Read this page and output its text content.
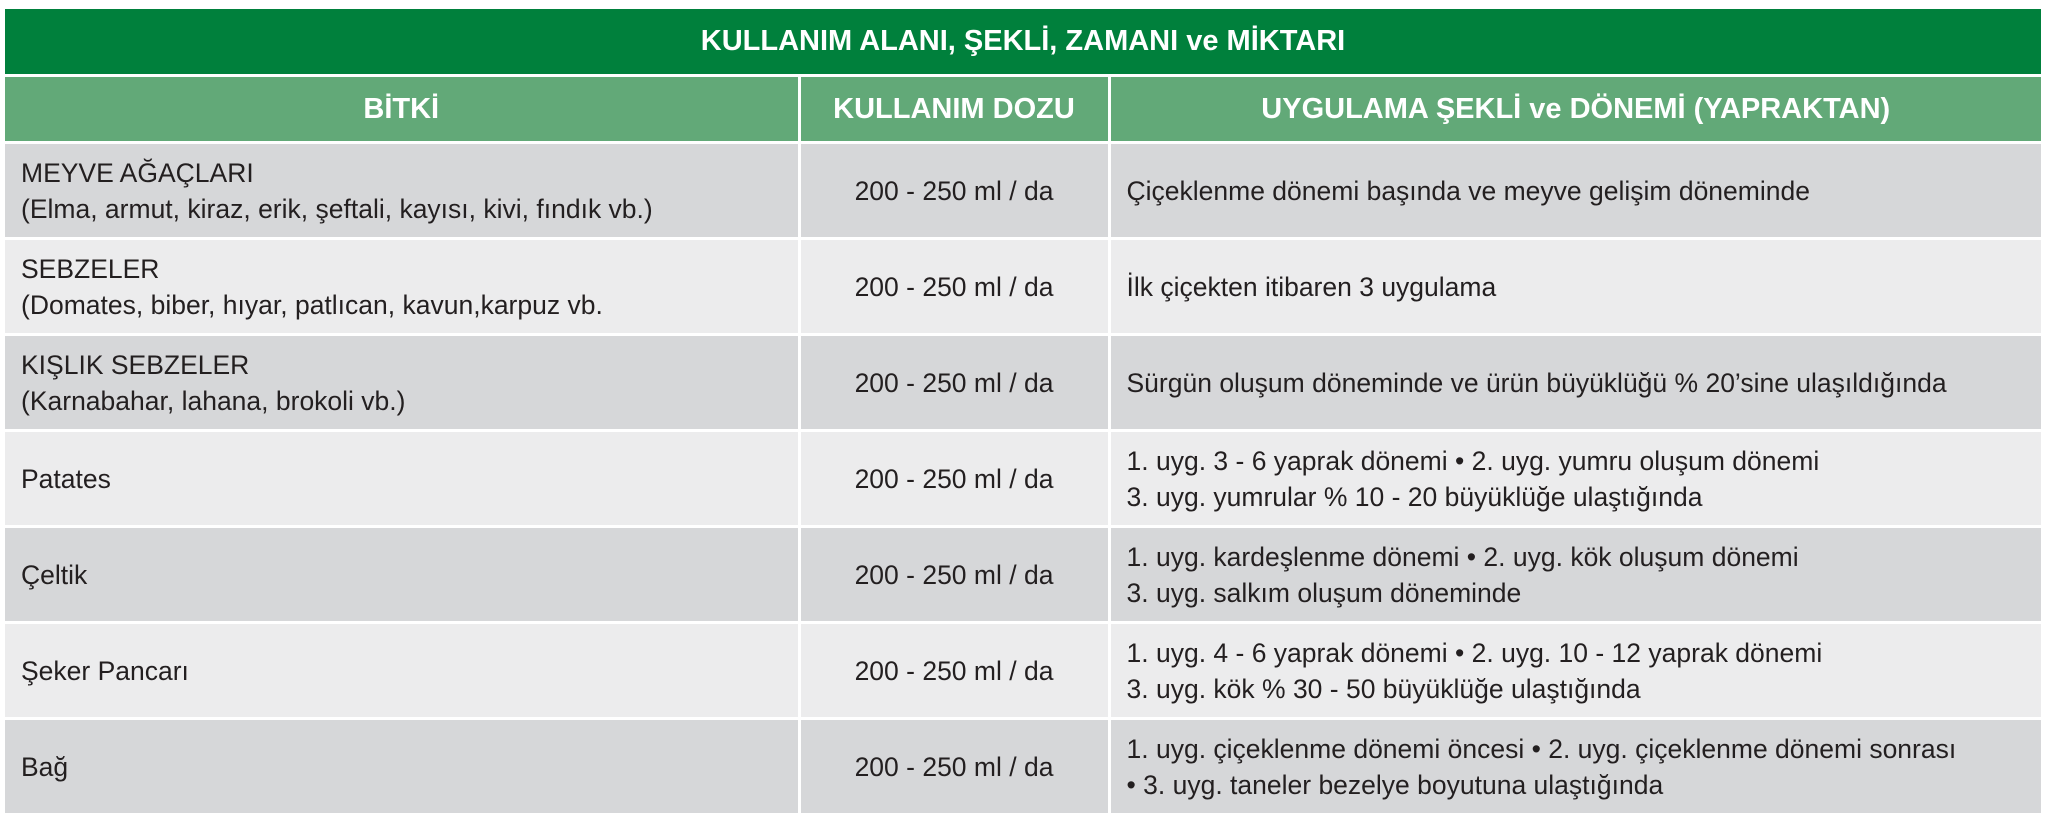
KULLANIM ALANI, ŞEKLİ, ZAMANI ve MİKTARI		
BİTKİ	KULLANIM DOZU	UYGULAMA ŞEKLİ ve DÖNEMİ (YAPRAKTAN)

MEYVE AĞAÇLARI
(Elma, armut, kiraz, erik, şeftali, kayısı, kivi, fındık vb.)	200 - 250 ml / da	Çiçeklenme dönemi başında ve meyve gelişim döneminde

SEBZELER
(Domates, biber, hıyar, patlıcan, kavun,karpuz vb.	200 - 250 ml / da	İlk çiçekten itibaren 3 uygulama

KIŞLIK SEBZELER
(Karnabahar, lahana, brokoli vb.)	200 - 250 ml / da	Sürgün oluşum döneminde ve ürün büyüklüğü % 20’sine ulaşıldığında

Patates	200 - 250 ml / da	1. uyg. 3 - 6 yaprak dönemi • 2. uyg. yumru oluşum dönemi
3. uyg. yumrular % 10 - 20 büyüklüğe ulaştığında

Çeltik	200 - 250 ml / da	1. uyg. kardeşlenme dönemi • 2. uyg. kök oluşum dönemi
3. uyg. salkım oluşum döneminde

Şeker Pancarı	200 - 250 ml / da	1. uyg. 4 - 6 yaprak dönemi • 2. uyg. 10 - 12 yaprak dönemi
3. uyg. kök % 30 - 50 büyüklüğe ulaştığında

Bağ	200 - 250 ml / da	1. uyg. çiçeklenme dönemi öncesi • 2. uyg. çiçeklenme dönemi sonrası
• 3. uyg. taneler bezelye boyutuna ulaştığında
